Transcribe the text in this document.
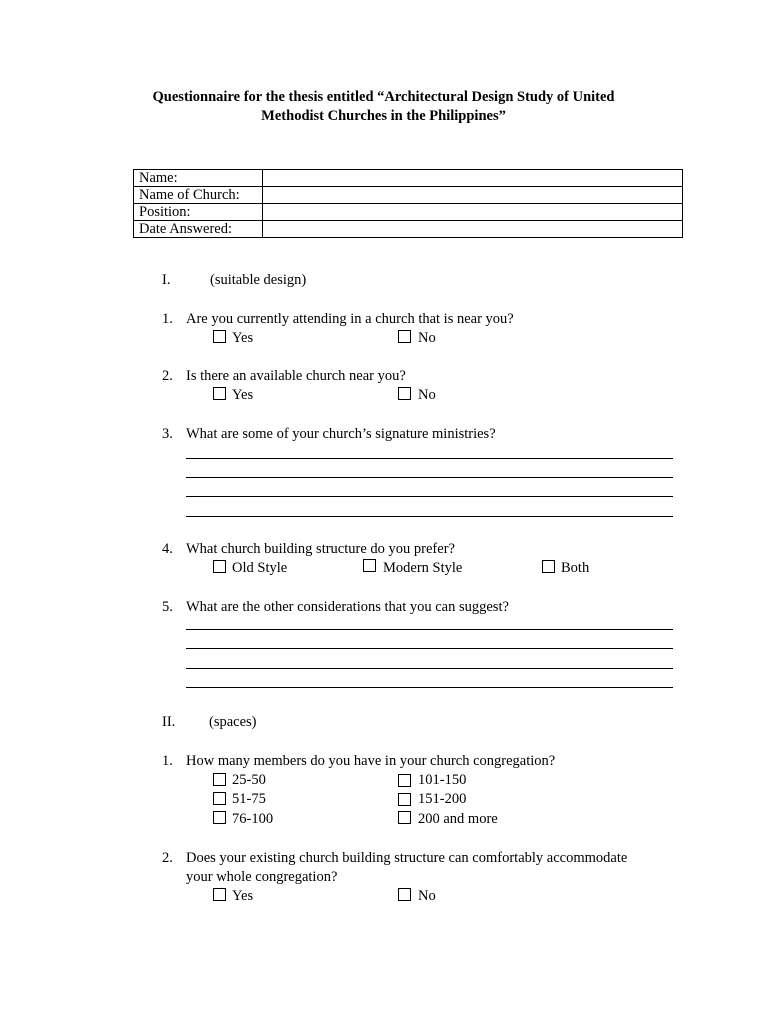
Questionnaire for the thesis entitled “Architectural Design Study of United
Methodist Churches in the Philippines”
Name:	
Name of Church:	
Position:	
Date Answered:	
I.	(suitable design)
1. Are you currently attending in a church that is near you?
Yes	No
2. Is there an available church near you?
Yes	No
3. What are some of your church’s signature ministries?
4. What church building structure do you prefer?
Old Style	Modern Style	Both
5. What are the other considerations that you can suggest?
II. (spaces)
1. How many members do you have in your church congregation?
25-50	101-150
51-75	151-200
76-100	200 and more
2. Does your existing church building structure can comfortably accommodate
your whole congregation?
Yes	No
